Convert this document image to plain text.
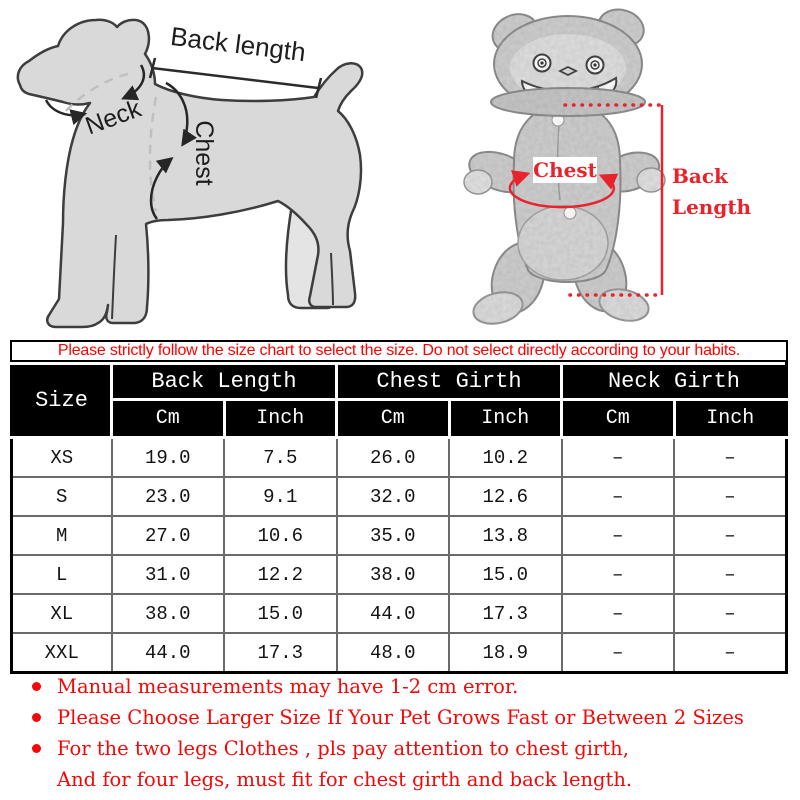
Back length
Neck
Chest	Chest	Back
Length
Please strictly follow the size chart to select the size. Do not select directly according to your habits.
Size	Back Length		Chest Girth		Neck Girth	
	Cm	Inch	Cm	Inch	Cm	Inch
XS	19.0	7.5	26.0	10.2	–	–
S	23.0	9.1	32.0	12.6	–	–
M	27.0	10.6	35.0	13.8	–	–
L	31.0	12.2	38.0	15.0	–	–
XL	38.0	15.0	44.0	17.3	–	–
XXL	44.0	17.3	48.0	18.9	–	–
Manual measurements may have 1-2 cm error.
Please Choose Larger Size If Your Pet Grows Fast or Between 2 Sizes
For the two legs Clothes , pls pay attention to chest girth,
And for four legs, must fit for chest girth and back length.
